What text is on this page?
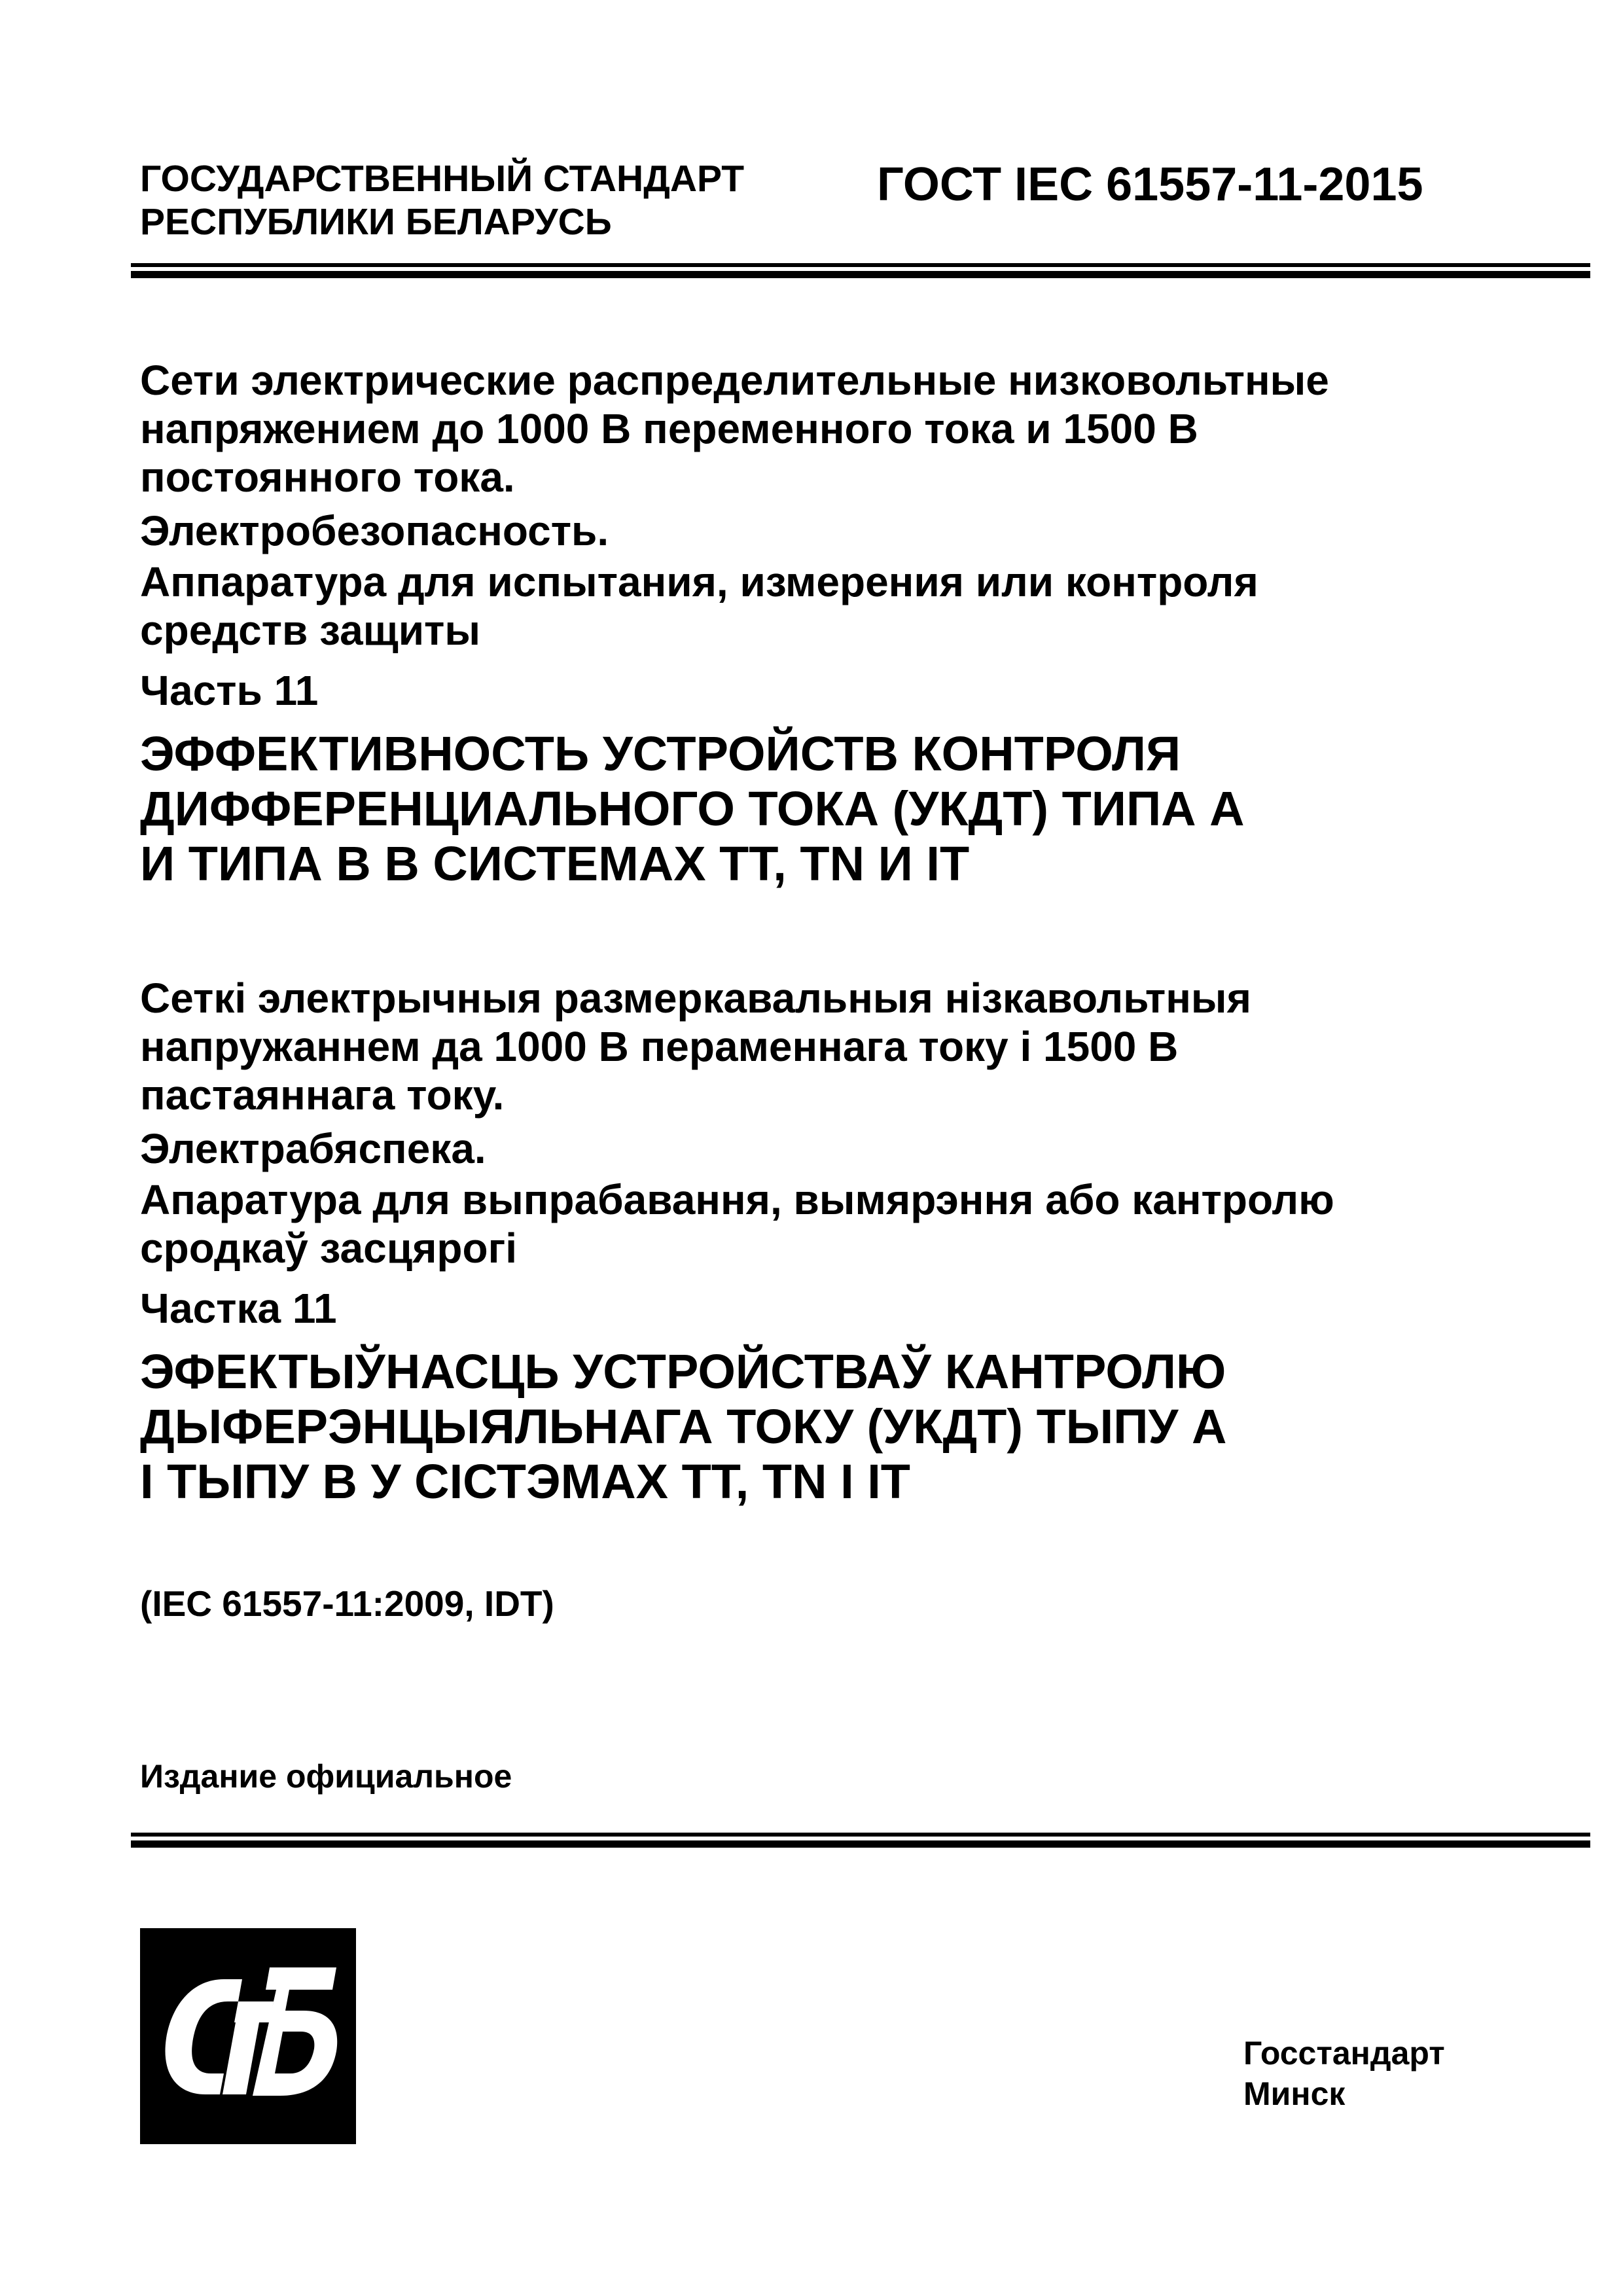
ГОСУДАРСТВЕННЫЙ СТАНДАРТ
РЕСПУБЛИКИ БЕЛАРУСЬ
ГОСТ IEC 61557-11-2015
Сети электрические распределительные низковольтные
напряжением до 1000 В переменного тока и 1500 В
постоянного тока.
Электробезопасность.
Аппаратура для испытания, измерения или контроля
средств защиты
Часть 11
ЭФФЕКТИВНОСТЬ УСТРОЙСТВ КОНТРОЛЯ
ДИФФЕРЕНЦИАЛЬНОГО ТОКА (УКДТ) ТИПА А
И ТИПА В В СИСТЕМАХ TT, TN И IT
Сеткі электрычныя размеркавальныя нізкавольтныя
напружаннем да 1000 В пераменнага току і 1500 В
пастаяннага току.
Электрабяспека.
Апаратура для выпрабавання, вымярэння або кантролю
сродкаў засцярогі
Частка 11
ЭФЕКТЫЎНАСЦЬ УСТРОЙСТВАЎ КАНТРОЛЮ
ДЫФЕРЭНЦЫЯЛЬНАГА ТОКУ (УКДТ) ТЫПУ А
І ТЫПУ В У СІСТЭМАХ TT, TN І IT
(IEC 61557-11:2009, IDT)
Издание официальное
Госстандарт
Минск
